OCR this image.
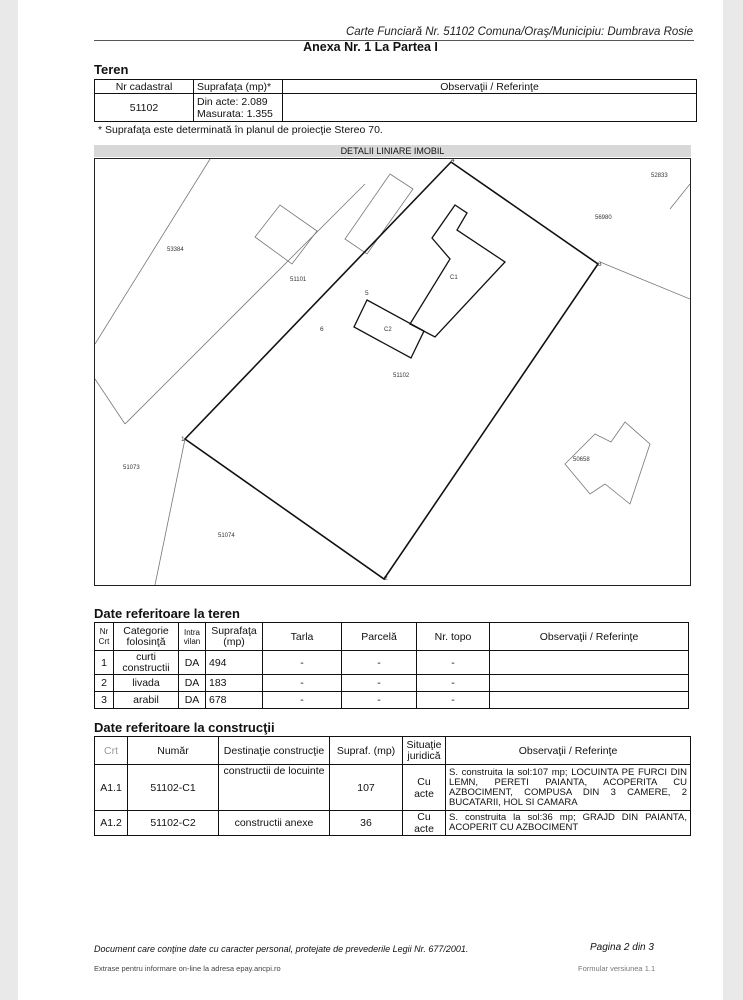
Carte Funciară Nr. 51102 Comuna/Oraş/Municipiu: Dumbrava Rosie
Anexa Nr. 1 La Partea I
Teren
Nr cadastral	Suprafaţa (mp)*	Observaţii / Referinţe
51102	Din acte: 2.089
Masurata: 1.355	

* Suprafaţa este determinată în planul de proiecţie Stereo 70.
DETALII LINIARE IMOBIL
4
3
2
1
5
6
53384
51101
52833
56980
51073
51074
50658
51102
C1
C2
Date referitoare la teren
Nr Crt	Categorie folosinţă	Intra vilan	Suprafaţa (mp)	Tarla	Parcelă	Nr. topo	Observaţii / Referinţe
1	curti constructii	DA	494	-	-	-	
2	livada	DA	183	-	-	-	
3	arabil	DA	678	-	-	-	
Date referitoare la construcţii
Crt	Număr	Destinaţie construcţie	Supraf. (mp)	Situaţie juridică	Observaţii / Referinţe
A1.1	51102-C1	constructii de locuinte	107	Cu acte	S. construita la sol:107 mp; LOCUINTA PE FURCI DIN LEMN, PERETI PAIANTA, ACOPERITA CU AZBOCIMENT, COMPUSA DIN 3 CAMERE, 2 BUCATARII, HOL SI CAMARA
A1.2	51102-C2	constructii anexe	36	Cu acte	S. construita la sol:36 mp; GRAJD DIN PAIANTA, ACOPERIT CU AZBOCIMENT
Document care conţine date cu caracter personal, protejate de prevederile Legii Nr. 677/2001.	Pagina 2 din 3
Extrase pentru informare on-line la adresa epay.ancpi.ro	Formular versiunea 1.1
